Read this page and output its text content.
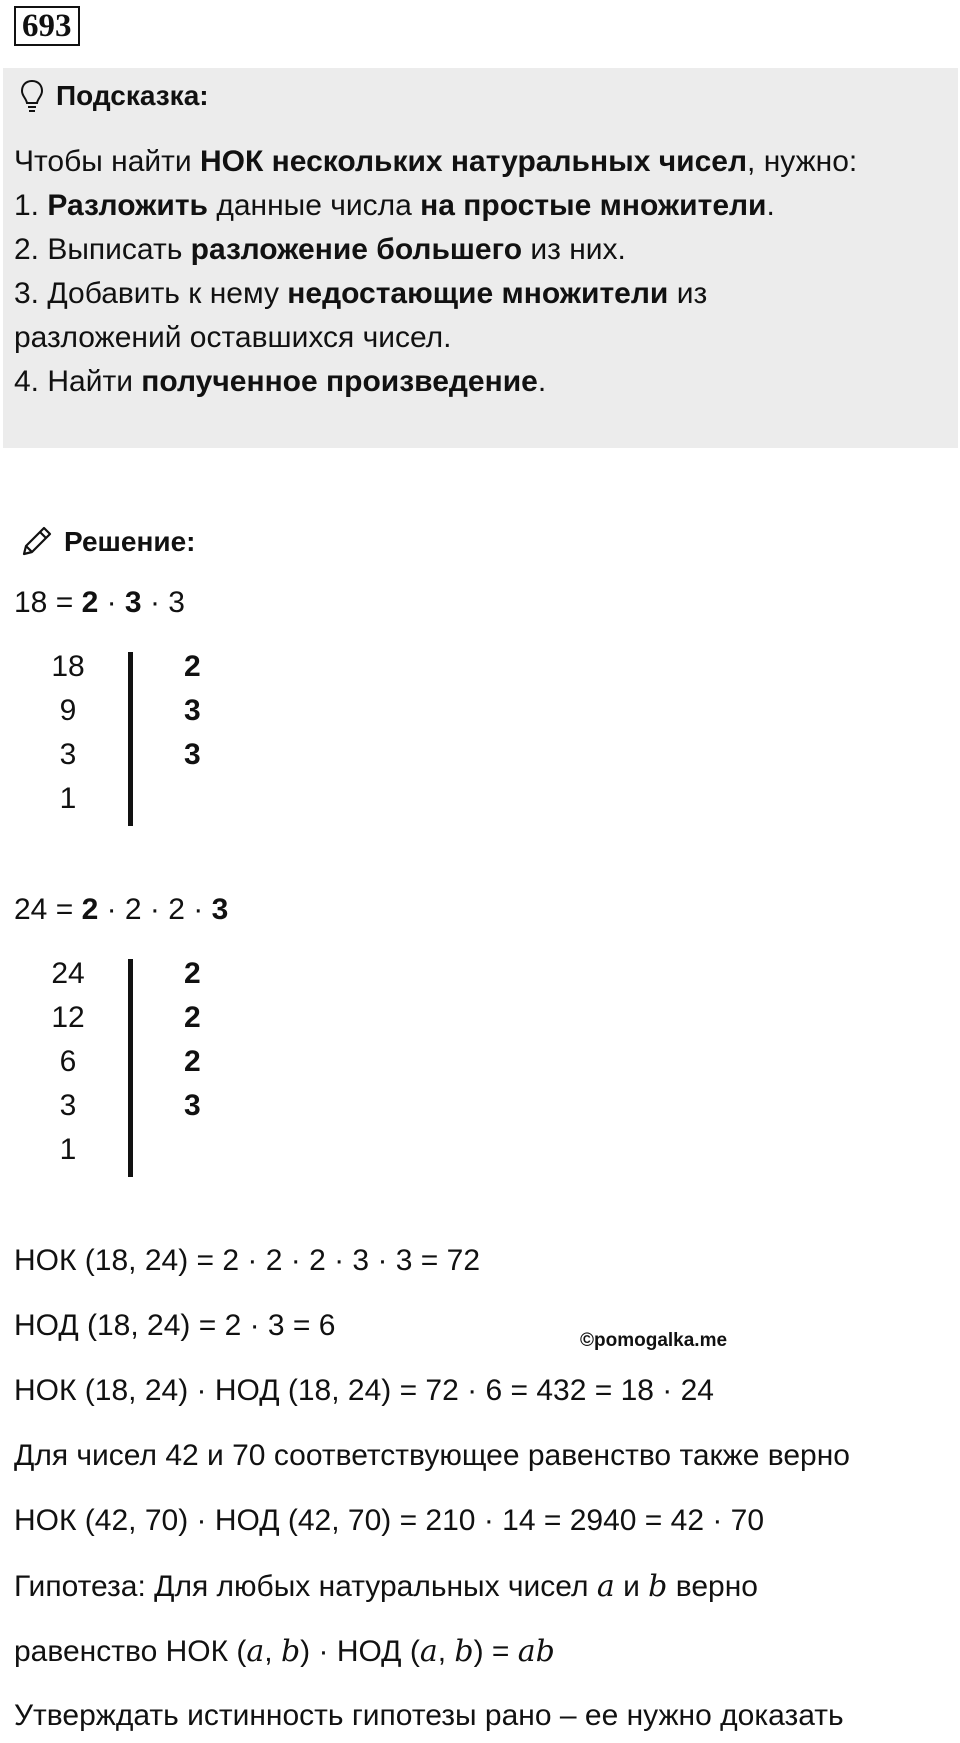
693
Подсказка:

Чтобы найти НОК нескольких натуральных чисел, нужно:

1. Разложить данные числа на простые множители.

2. Выписать разложение большего из них.

3. Добавить к нему недостающие множители из

разложений оставшихся чисел.

4. Найти полученное произведение.

Решение:
18 = 2 · 3 · 3
18	2
9	3
3	3
1
24 = 2 · 2 · 2 · 3
24	2
12	2
6	2
3	3
1
НОК (18, 24) = 2 · 2 · 2 · 3 · 3 = 72
НОД (18, 24) = 2 · 3 = 6	©pomogalka.me
НОК (18, 24) · НОД (18, 24) = 72 · 6 = 432 = 18 · 24
Для чисел 42 и 70 соответствующее равенство также верно
НОК (42, 70) · НОД (42, 70) = 210 · 14 = 2940 = 42 · 70
Гипотеза: Для любых натуральных чисел a и b верно
равенство НОК (a, b) · НОД (a, b) = ab
Утверждать истинность гипотезы рано – ее нужно доказать
